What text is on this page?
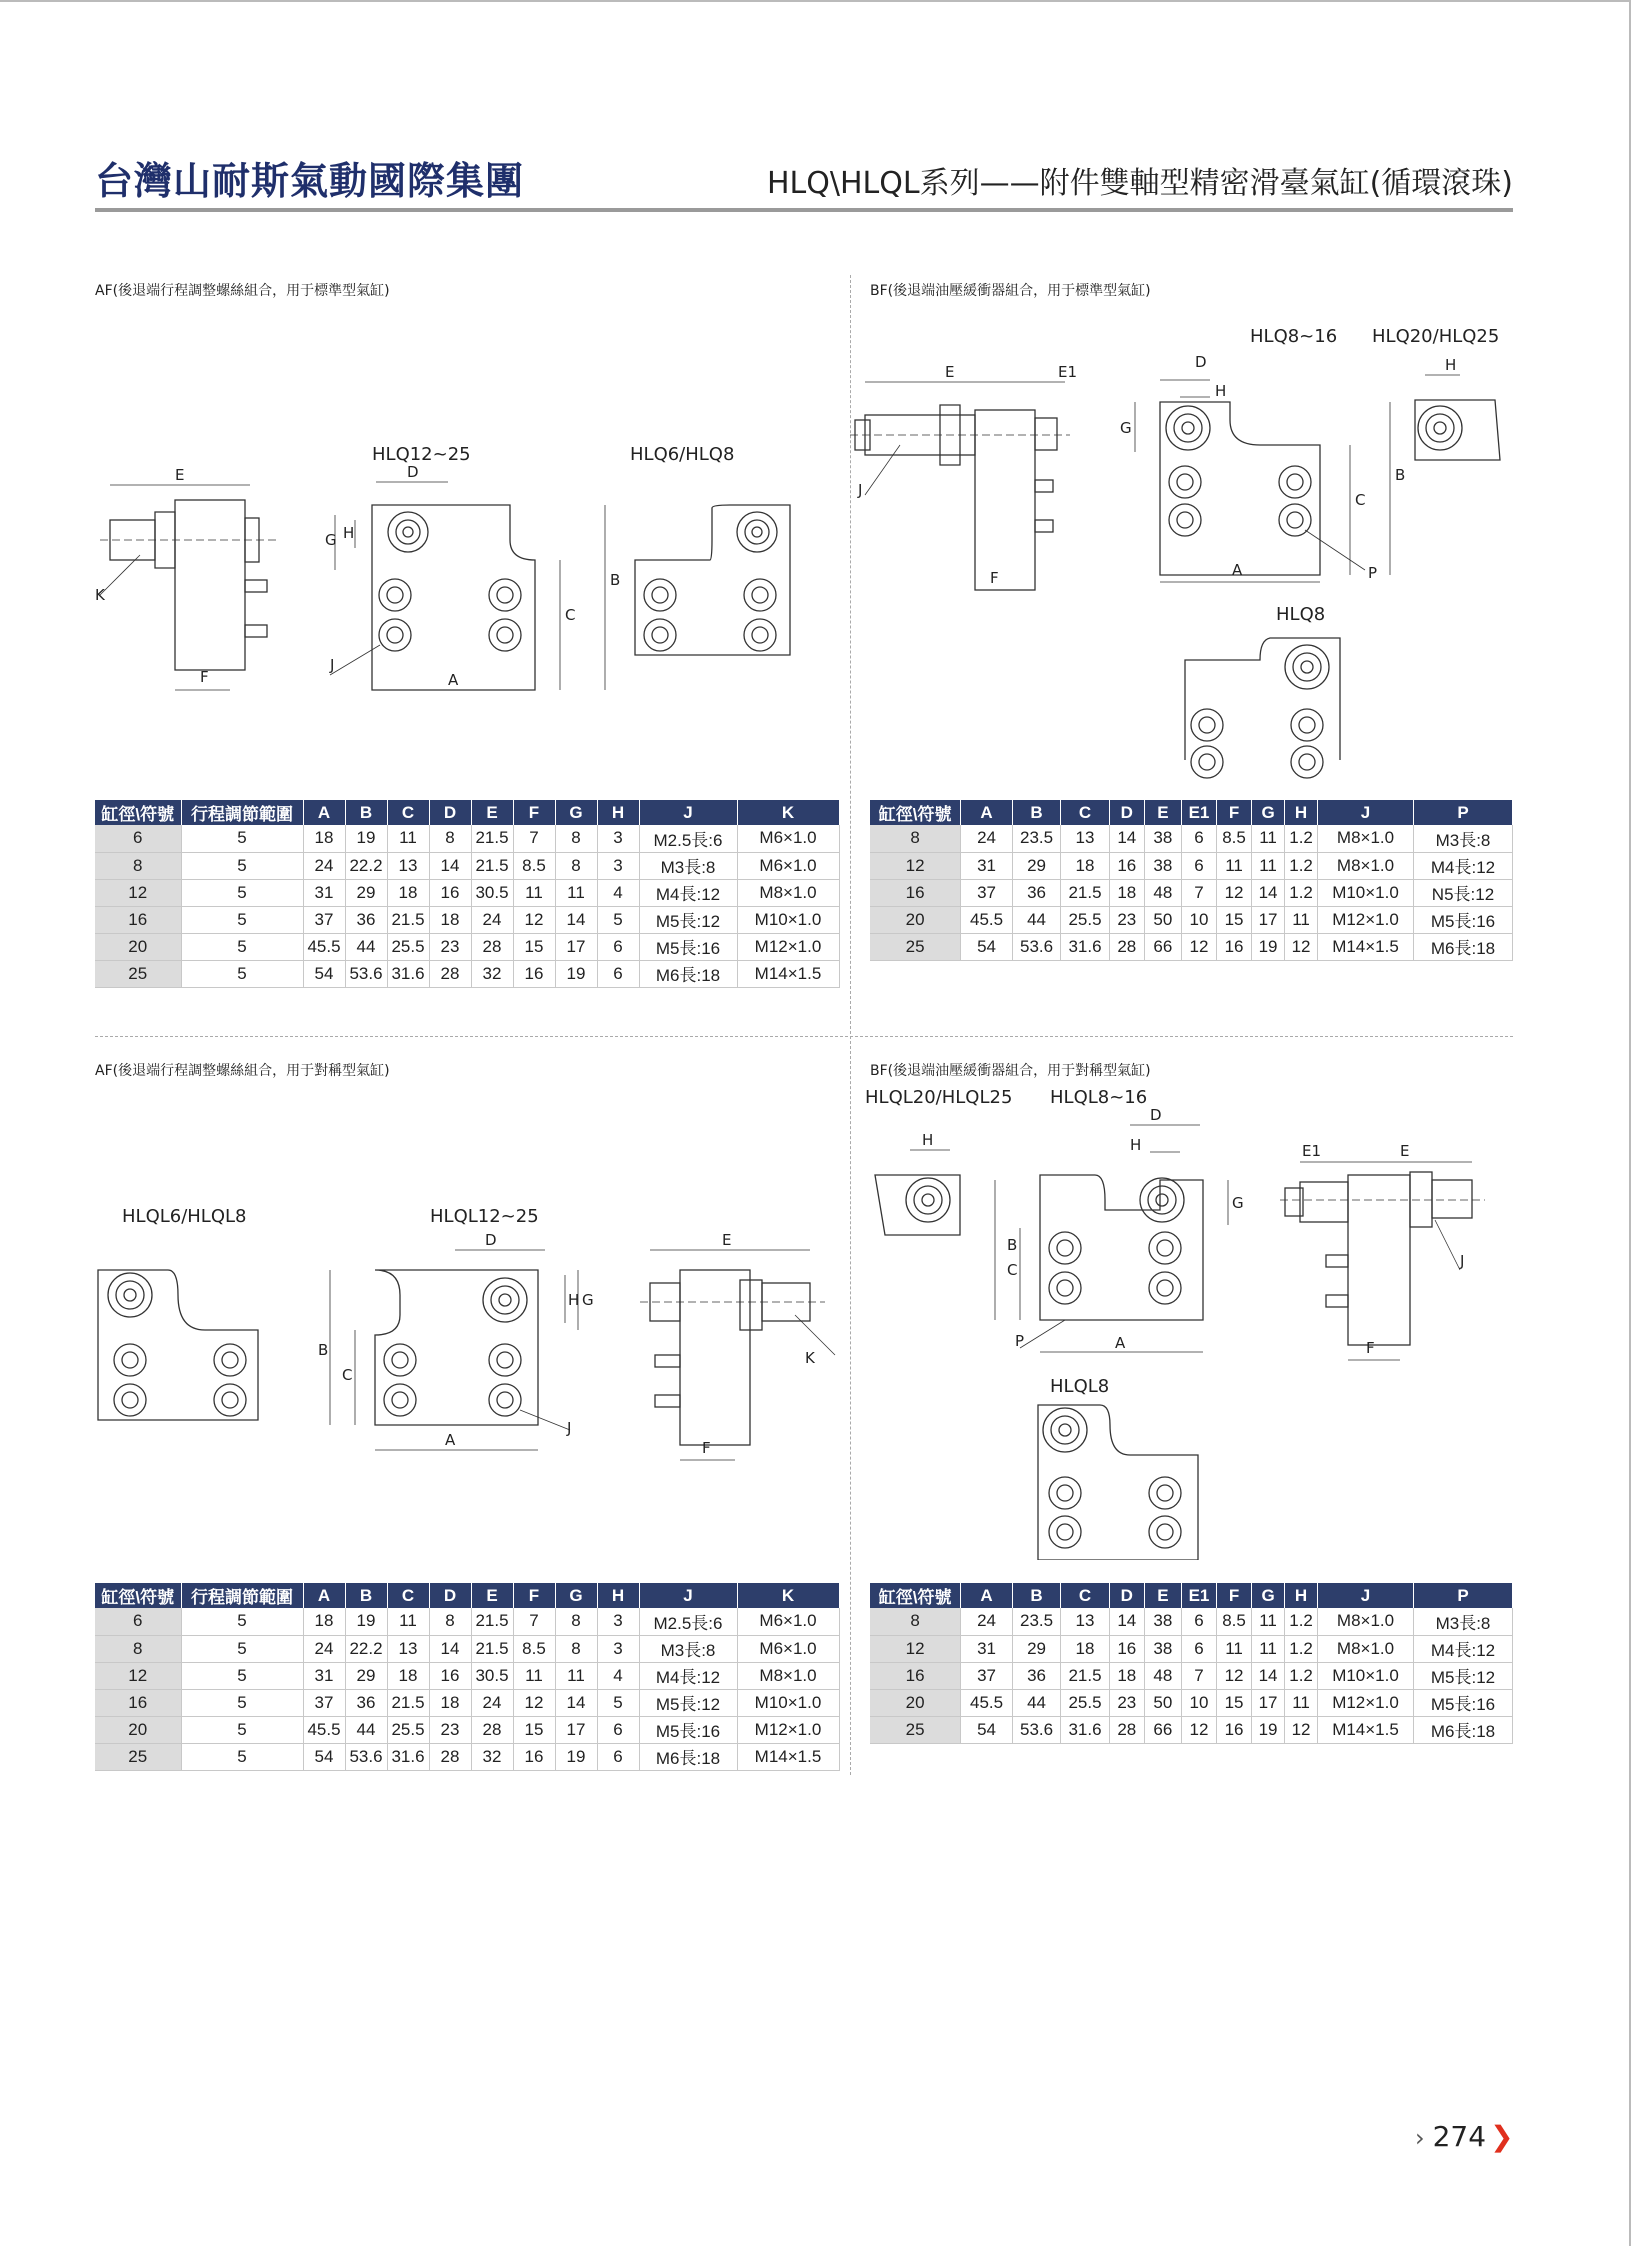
台灣山耐斯氣動國際集團	HLQ\HLQL系列——附件雙軸型精密滑臺氣缸(循環滾珠)
AF(後退端行程調整螺絲組合，用于標準型氣缸)
E
F
K
HLQ12~25
D
G H
B
C
A
J
HLQ6/HLQ8
缸徑\符號	行程調節範圍	A	B	C	D	E	F	G	H	J	K
6	5	18	19	11	8	21.5	7	8	3	M2.5長:6	M6×1.0
8	5	24	22.2	13	14	21.5	8.5	8	3	M3長:8	M6×1.0
12	5	31	29	18	16	30.5	11	11	4	M4長:12	M8×1.0
16	5	37	36	21.5	18	24	12	14	5	M5長:12	M10×1.0
20	5	45.5	44	25.5	23	28	15	17	6	M5長:16	M12×1.0
25	5	54	53.6	31.6	28	32	16	19	6	M6長:18	M14×1.5
BF(後退端油壓緩衝器組合，用于標準型氣缸)
E	E1
F
J
HLQ8~16
D
H
G
B
C
A	P
HLQ20/HLQ25
H
HLQ8
缸徑\符號	A	B	C	D	E	E1	F	G	H	J	P
8	24	23.5	13	14	38	6	8.5	11	1.2	M8×1.0	M3長:8
12	31	29	18	16	38	6	11	11	1.2	M8×1.0	M4長:12
16	37	36	21.5	18	48	7	12	14	1.2	M10×1.0	N5長:12
20	45.5	44	25.5	23	50	10	15	17	11	M12×1.0	M5長:16
25	54	53.6	31.6	28	66	12	16	19	12	M14×1.5	M6長:18
AF(後退端行程調整螺絲組合，用于對稱型氣缸)
HLQL6/HLQL8	HLQL12~25
D
B
C
H G
A
J
E
F
K
缸徑\符號	行程調節範圍	A	B	C	D	E	F	G	H	J	K
6	5	18	19	11	8	21.5	7	8	3	M2.5長:6	M6×1.0
8	5	24	22.2	13	14	21.5	8.5	8	3	M3長:8	M6×1.0
12	5	31	29	18	16	30.5	11	11	4	M4長:12	M8×1.0
16	5	37	36	21.5	18	24	12	14	5	M5長:12	M10×1.0
20	5	45.5	44	25.5	23	28	15	17	6	M5長:16	M12×1.0
25	5	54	53.6	31.6	28	32	16	19	6	M6長:18	M14×1.5
BF(後退端油壓緩衝器組合，用于對稱型氣缸)
HLQL20/HLQL25 HLQL8~16
H
D
H
G
B
C
A
P
E1	E
F
J
HLQL8
缸徑\符號	A	B	C	D	E	E1	F	G	H	J	P
8	24	23.5	13	14	38	6	8.5	11	1.2	M8×1.0	M3長:8
12	31	29	18	16	38	6	11	11	1.2	M8×1.0	M4長:12
16	37	36	21.5	18	48	7	12	14	1.2	M10×1.0	M5長:12
20	45.5	44	25.5	23	50	10	15	17	11	M12×1.0	M5長:16
25	54	53.6	31.6	28	66	12	16	19	12	M14×1.5	M6長:18
› 274 ❯
